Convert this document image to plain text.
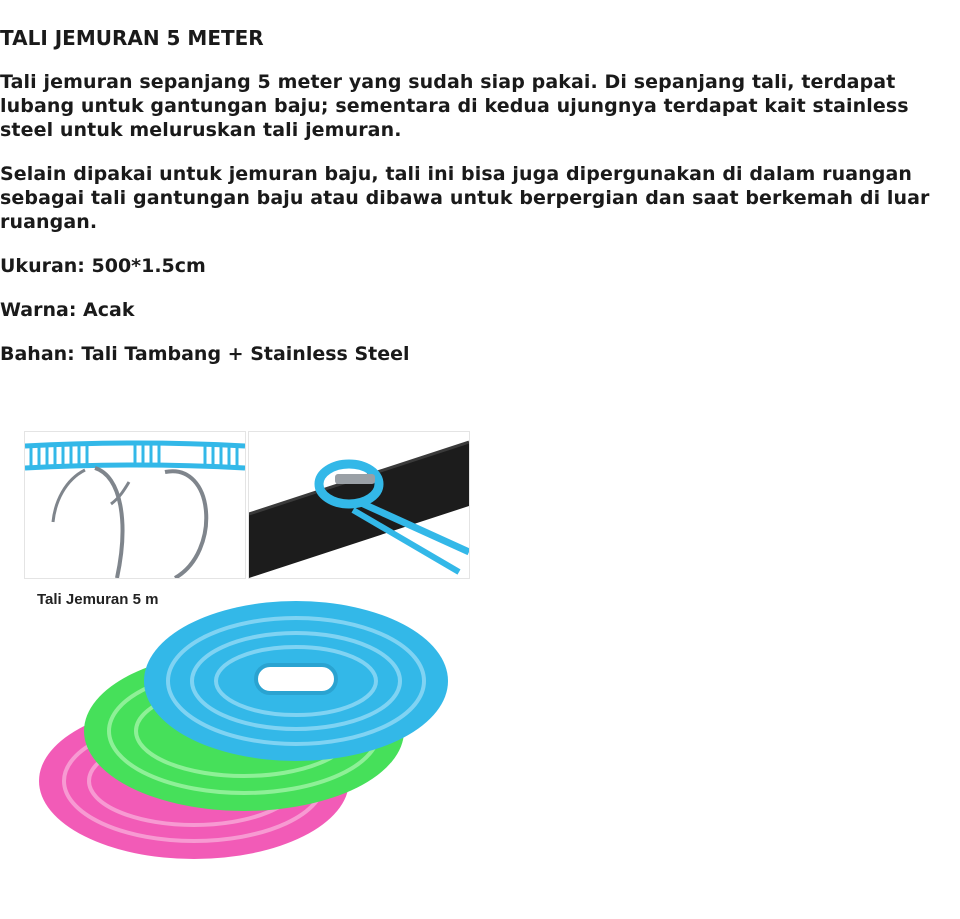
TALI JEMURAN 5 METER

Tali jemuran sepanjang 5 meter yang sudah siap pakai. Di sepanjang tali, terdapat lubang untuk gantungan baju; sementara di kedua ujungnya terdapat kait stainless steel untuk meluruskan tali jemuran.

Selain dipakai untuk jemuran baju, tali ini bisa juga dipergunakan di dalam ruangan sebagai tali gantungan baju atau dibawa untuk berpergian dan saat berkemah di luar ruangan.

Ukuran: 500*1.5cm

Warna: Acak

Bahan: Tali Tambang + Stainless Steel

Tali Jemuran 5 m
